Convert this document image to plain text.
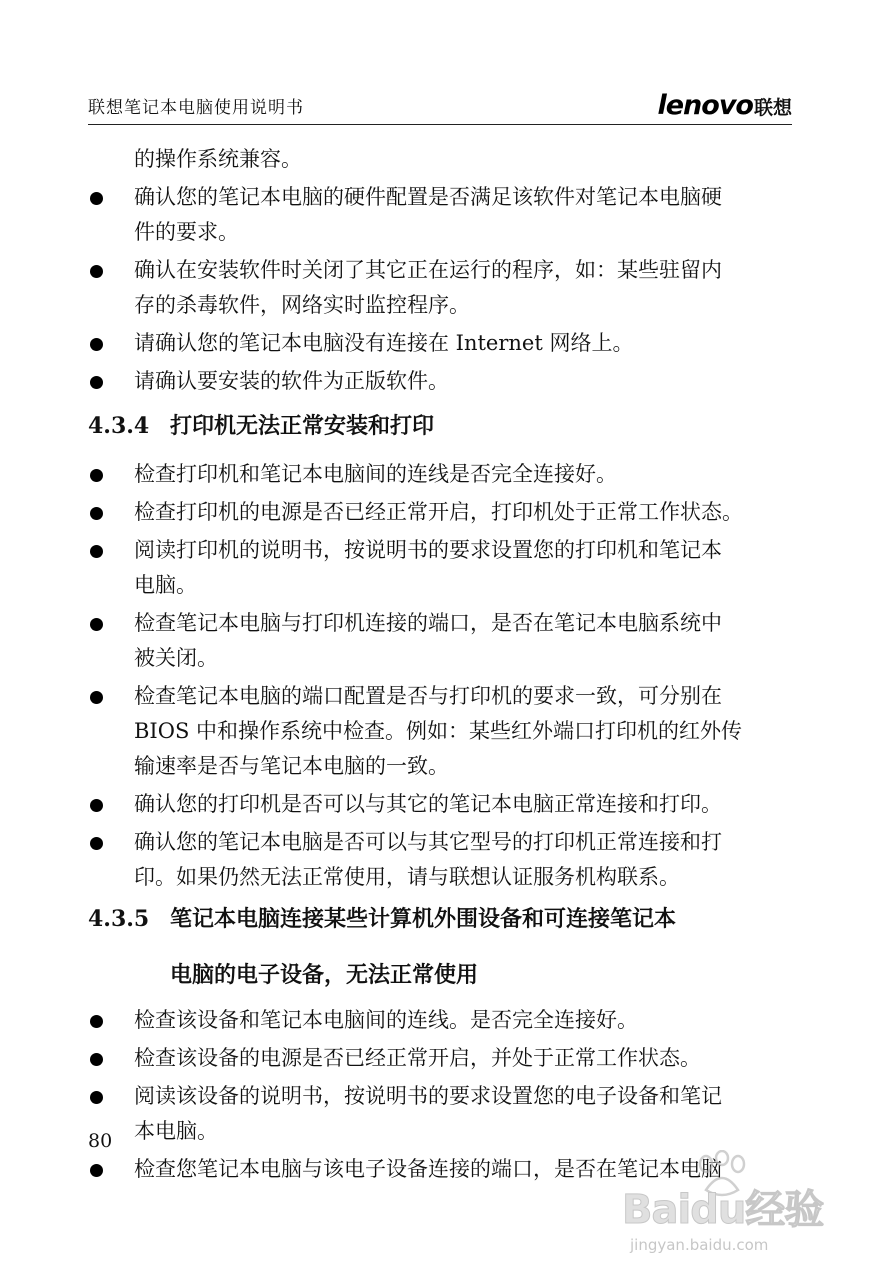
联想笔记本电脑使用说明书	lenovo 联想
的操作系统兼容。
确认您的笔记本电脑的硬件配置是否满足该软件对笔记本电脑硬
件的要求。
确认在安装软件时关闭了其它正在运行的程序，如：某些驻留内
存的杀毒软件，网络实时监控程序。
请确认您的笔记本电脑没有连接在 Internet 网络上。
请确认要安装的软件为正版软件。
4.3.4 打印机无法正常安装和打印
检查打印机和笔记本电脑间的连线是否完全连接好。
检查打印机的电源是否已经正常开启，打印机处于正常工作状态。
阅读打印机的说明书，按说明书的要求设置您的打印机和笔记本
电脑。
检查笔记本电脑与打印机连接的端口，是否在笔记本电脑系统中
被关闭。
检查笔记本电脑的端口配置是否与打印机的要求一致，可分别在
BIOS 中和操作系统中检查。例如：某些红外端口打印机的红外传
输速率是否与笔记本电脑的一致。
确认您的打印机是否可以与其它的笔记本电脑正常连接和打印。
确认您的笔记本电脑是否可以与其它型号的打印机正常连接和打
印。如果仍然无法正常使用，请与联想认证服务机构联系。
4.3.5 笔记本电脑连接某些计算机外围设备和可连接笔记本
电脑的电子设备，无法正常使用
检查该设备和笔记本电脑间的连线。是否完全连接好。
检查该设备的电源是否已经正常开启，并处于正常工作状态。
阅读该设备的说明书，按说明书的要求设置您的电子设备和笔记
本电脑。
检查您笔记本电脑与该电子设备连接的端口，是否在笔记本电脑
80
Baidu经验
jingyan.baidu.com
